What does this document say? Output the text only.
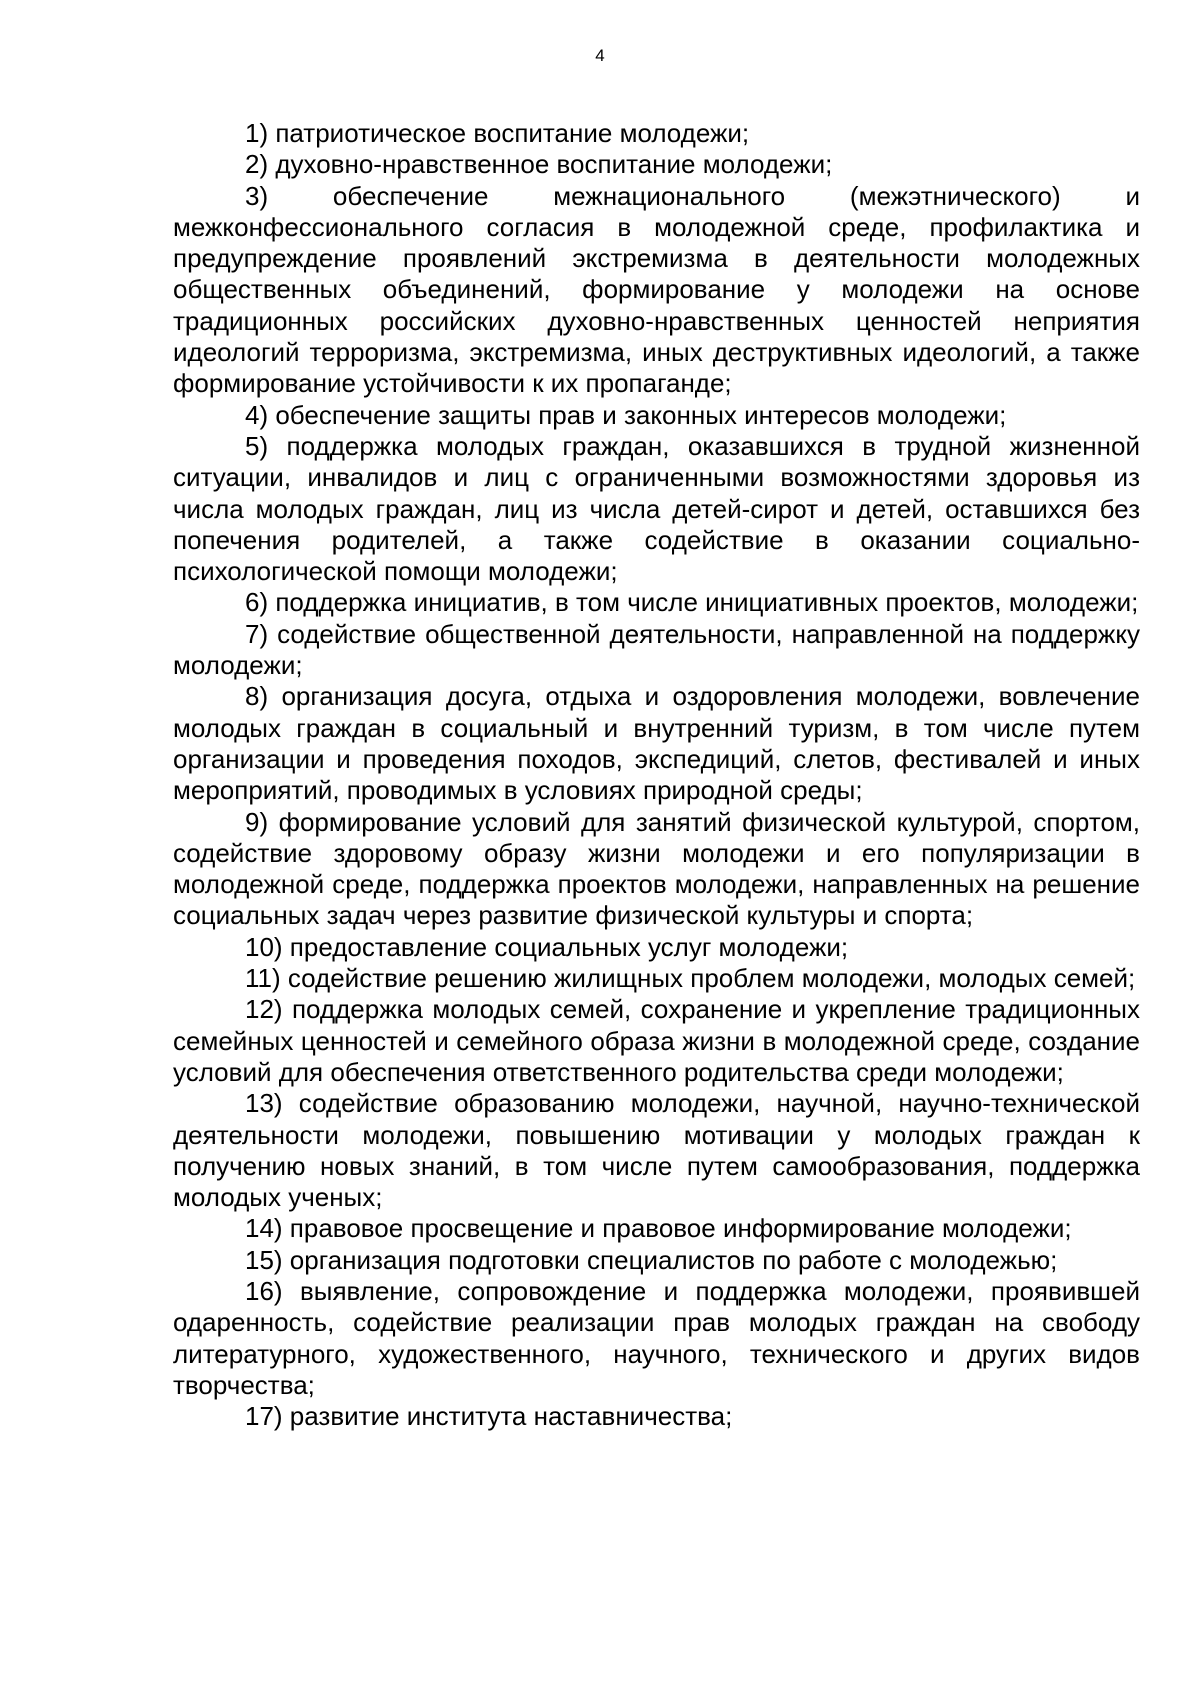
4

1) патриотическое воспитание молодежи;

2) духовно-нравственное воспитание молодежи;

3) обеспечение межнационального (межэтнического) и межконфессионального согласия в молодежной среде, профилактика и предупреждение проявлений экстремизма в деятельности молодежных общественных объединений, формирование у молодежи на основе традиционных российских духовно-нравственных ценностей неприятия идеологий терроризма, экстремизма, иных деструктивных идеологий, а также формирование устойчивости к их пропаганде;

4) обеспечение защиты прав и законных интересов молодежи;

5) поддержка молодых граждан, оказавшихся в трудной жизненной ситуации, инвалидов и лиц с ограниченными возможностями здоровья из числа молодых граждан, лиц из числа детей-сирот и детей, оставшихся без попечения родителей, а также содействие в оказании социально-психологической помощи молодежи;

6) поддержка инициатив, в том числе инициативных проектов, молодежи;

7) содействие общественной деятельности, направленной на поддержку молодежи;

8) организация досуга, отдыха и оздоровления молодежи, вовлечение молодых граждан в социальный и внутренний туризм, в том числе путем организации и проведения походов, экспедиций, слетов, фестивалей и иных мероприятий, проводимых в условиях природной среды;

9) формирование условий для занятий физической культурой, спортом, содействие здоровому образу жизни молодежи и его популяризации в молодежной среде, поддержка проектов молодежи, направленных на решение социальных задач через развитие физической культуры и спорта;

10) предоставление социальных услуг молодежи;

11) содействие решению жилищных проблем молодежи, молодых семей;

12) поддержка молодых семей, сохранение и укрепление традиционных семейных ценностей и семейного образа жизни в молодежной среде, создание условий для обеспечения ответственного родительства среди молодежи;

13) содействие образованию молодежи, научной, научно-технической деятельности молодежи, повышению мотивации у молодых граждан к получению новых знаний, в том числе путем самообразования, поддержка молодых ученых;

14) правовое просвещение и правовое информирование молодежи;

15) организация подготовки специалистов по работе с молодежью;

16) выявление, сопровождение и поддержка молодежи, проявившей одаренность, содействие реализации прав молодых граждан на свободу литературного, художественного, научного, технического и других видов творчества;

17) развитие института наставничества;
